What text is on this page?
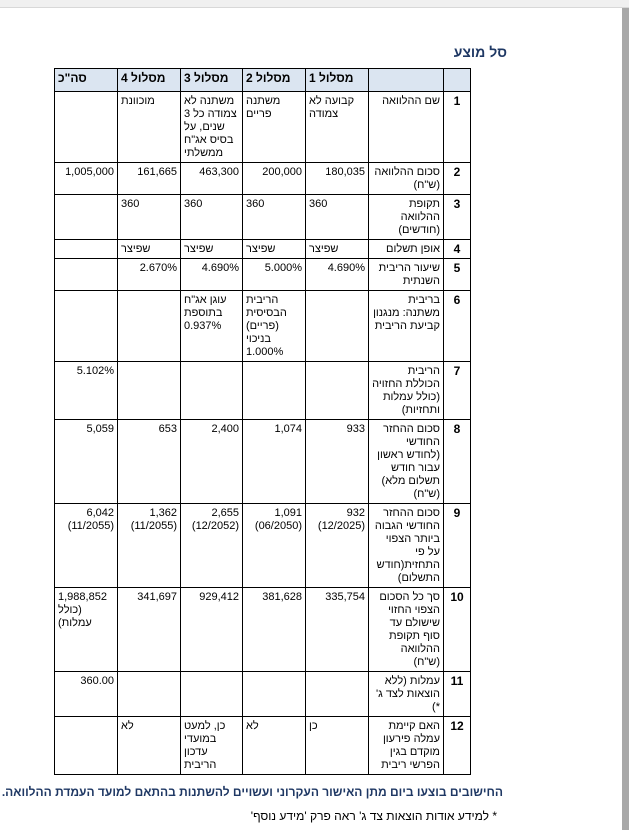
סל מוצע
		מסלול 1	מסלול 2	מסלול 3	מסלול 4	סה"כ
1	שם ההלוואה	קבועה לא צמודה	משתנה פריים	משתנה לא צמודה כל 3 שנים, על בסיס אג"ח ממשלתי	מוכוונת	
2	סכום ההלוואה (ש"ח)	180,035	200,000	463,300	161,665	1,005,000
3	תקופת ההלוואה (חודשים)	360	360	360	360	
4	אופן תשלום	שפיצר	שפיצר	שפיצר	שפיצר	
5	שיעור הריבית השנתית	4.690%	5.000%	4.690%	2.670%	
6	בריבית משתנה: מנגנון קביעת הריבית		הריבית הבסיסית (פריים) בניכוי 1.000%	עוגן אג"ח בתוספת 0.937%		
7	הריבית הכוללת החזויה (כולל עמלות ותחזיות)					5.102%
8	סכום ההחזר החודשי (לחודש ראשון עבור חודש תשלום מלא)(ש"ח)	933	1,074	2,400	653	5,059
9	סכום ההחזר החודשי הגבוה ביותר הצפוי על פי התחזית(חודש התשלום)	932 (12/2025)	1,091 (06/2050)	2,655 (12/2052)	1,362 (11/2055)	6,042 (11/2055)
10	סך כל הסכום הצפוי החזוי שישולם עד סוף תקופת ההלוואה (ש"ח)	335,754	381,628	929,412	341,697	1,988,852 (כולל עמלות)
11	עמלות (ללא הוצאות לצד ג' *)					360.00
12	האם קיימת עמלה פירעון מוקדם בגין הפרשי ריבית	כן	לא	כן, למעט במועדי עדכון הריבית	לא	
החישובים בוצעו ביום מתן האישור העקרוני ועשויים להשתנות בהתאם למועד העמדת ההלוואה.
* למידע אודות הוצאות צד ג' ראה פרק 'מידע נוסף'
